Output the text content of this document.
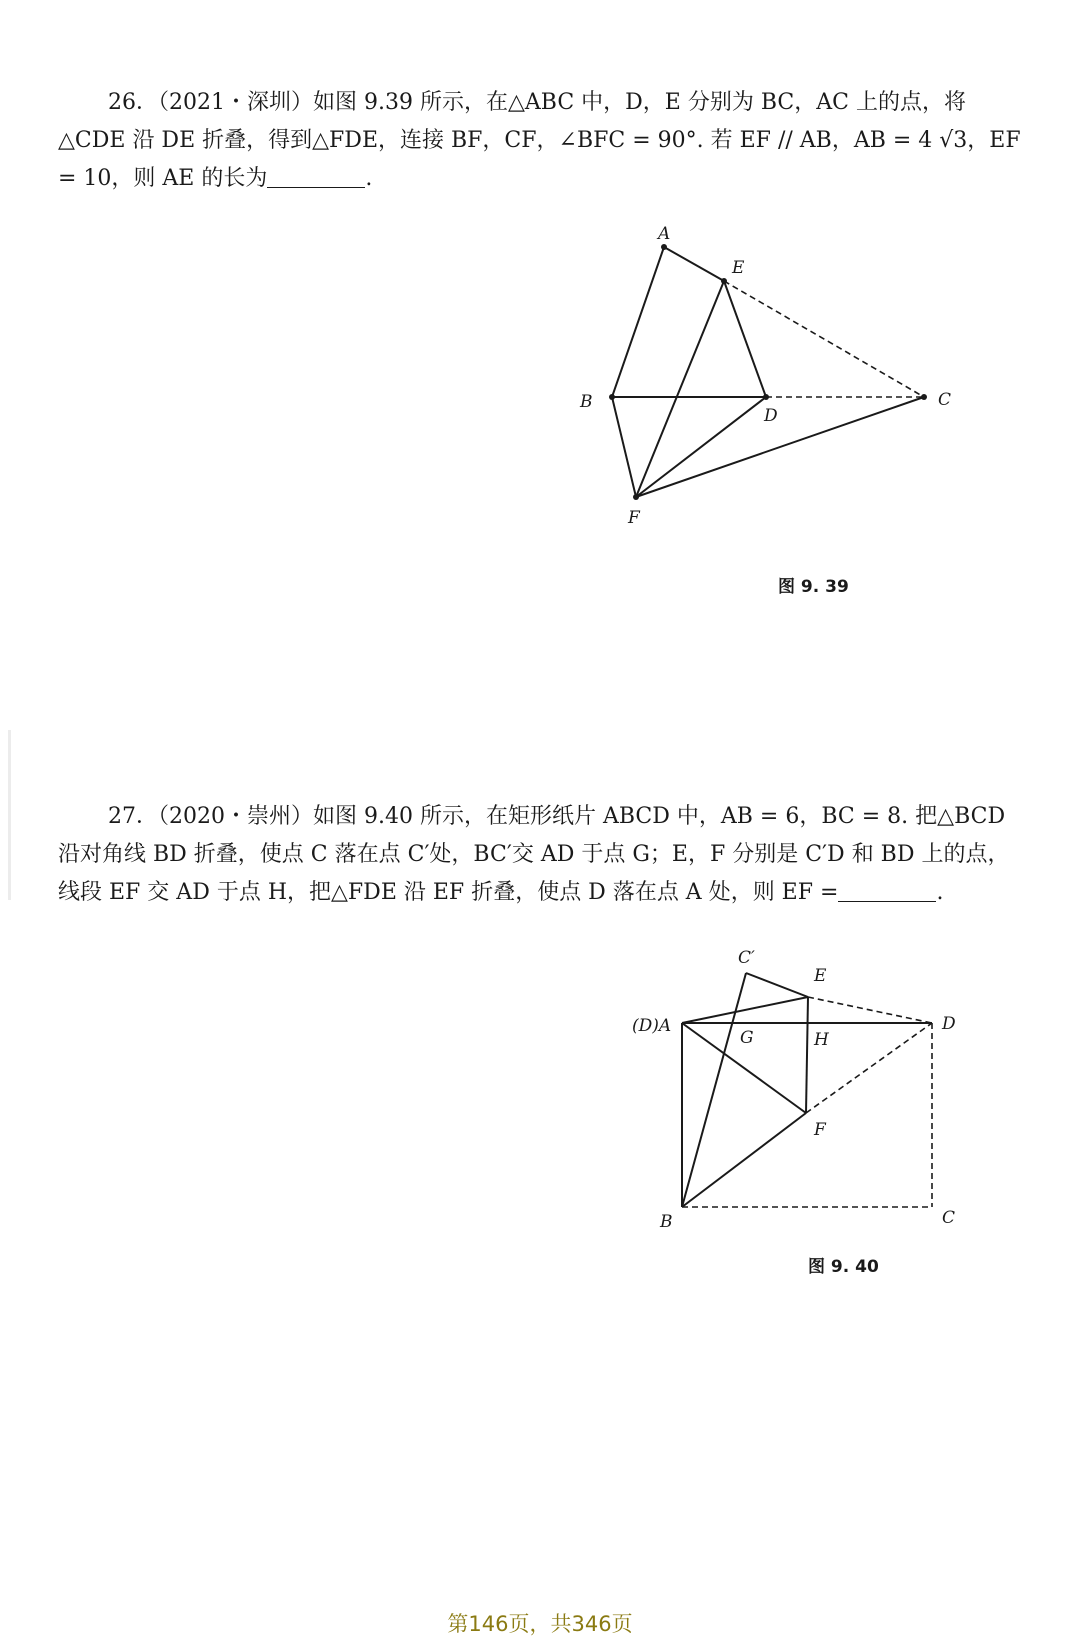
26．（2021・深圳）如图 9.39 所示，在△ABC 中，D，E 分别为 BC，AC 上的点，将△CDE 沿 DE 折叠，得到△FDE，连接 BF，CF，∠BFC = 90°. 若 EF // AB，AB = 4 √3，EF = 10，则 AE 的长为	.

A
E
B
D
C
F
图 9. 39

27．（2020・崇州）如图 9.40 所示，在矩形纸片 ABCD 中，AB = 6，BC = 8. 把△BCD 沿对角线 BD 折叠，使点 C 落在点 C′处，BC′交 AD 于点 G；E，F 分别是 C′D 和 BD 上的点，线段 EF 交 AD 于点 H，把△FDE 沿 EF 折叠，使点 D 落在点 A 处，则 EF =	.

C′
E
(D)A
G	H
D
F
B	C
图 9. 40
第146页，共346页
